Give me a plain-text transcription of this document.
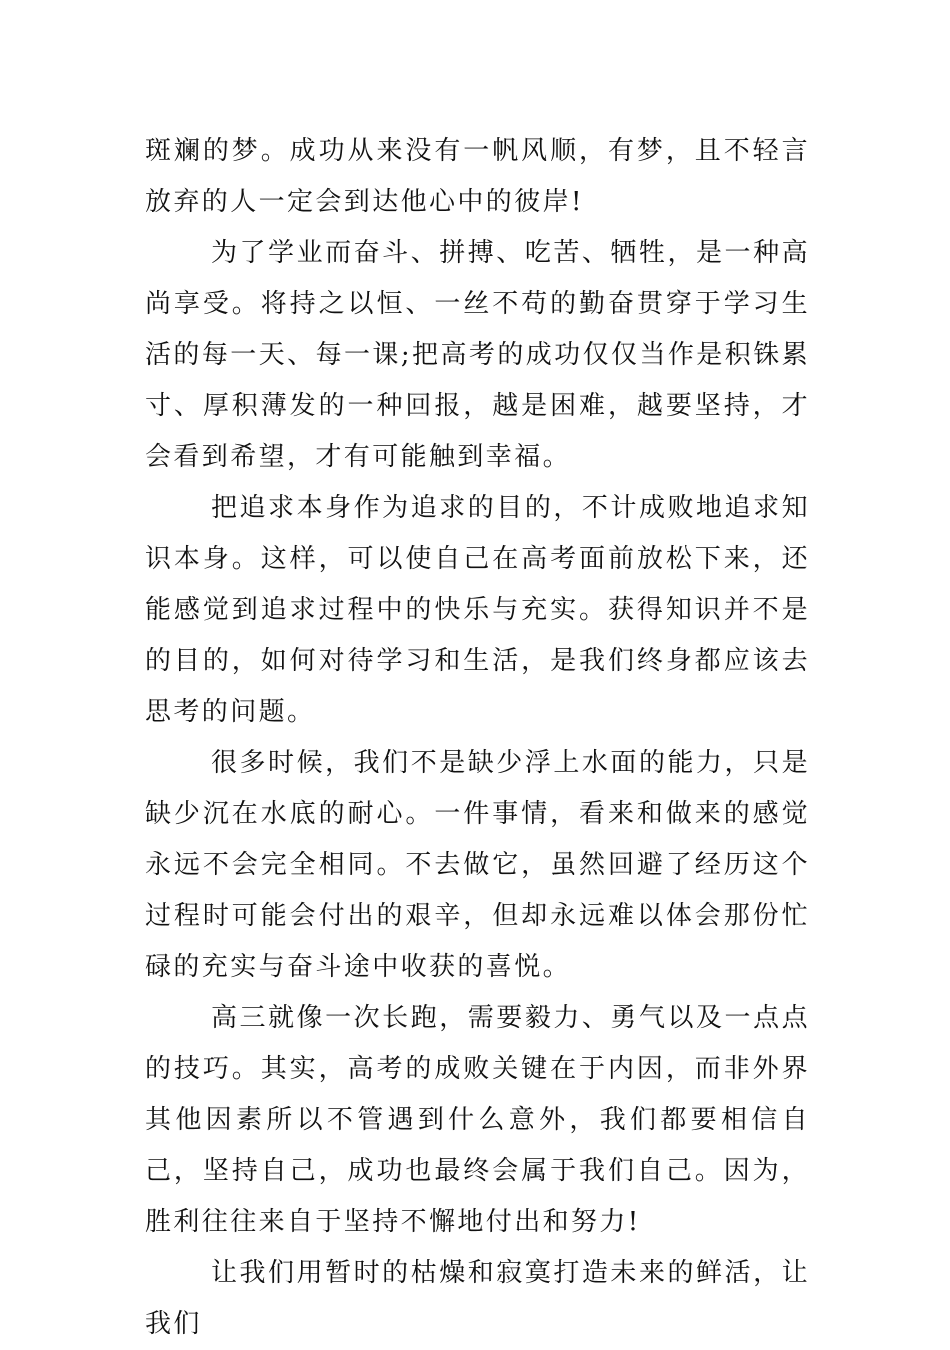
斑斓的梦。成功从来没有一帆风顺，有梦，且不轻言放弃的人一定会到达他心中的彼岸!

为了学业而奋斗、拼搏、吃苦、牺牲，是一种高尚享受。将持之以恒、一丝不苟的勤奋贯穿于学习生活的每一天、每一课;把高考的成功仅仅当作是积铢累寸、厚积薄发的一种回报，越是困难，越要坚持，才会看到希望，才有可能触到幸福。

把追求本身作为追求的目的，不计成败地追求知识本身。这样，可以使自己在高考面前放松下来，还能感觉到追求过程中的快乐与充实。获得知识并不是的目的，如何对待学习和生活，是我们终身都应该去思考的问题。

很多时候，我们不是缺少浮上水面的能力，只是缺少沉在水底的耐心。一件事情，看来和做来的感觉永远不会完全相同。不去做它，虽然回避了经历这个过程时可能会付出的艰辛，但却永远难以体会那份忙碌的充实与奋斗途中收获的喜悦。

高三就像一次长跑，需要毅力、勇气以及一点点的技巧。其实，高考的成败关键在于内因，而非外界其他因素所以不管遇到什么意外，我们都要相信自己，坚持自己，成功也最终会属于我们自己。因为，胜利往往来自于坚持不懈地付出和努力!

让我们用暂时的枯燥和寂寞打造未来的鲜活，让我们
